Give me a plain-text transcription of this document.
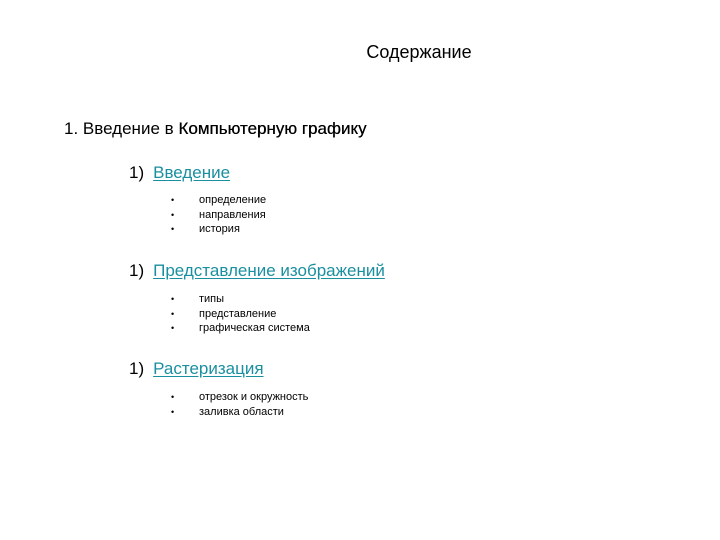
Содержание
1. Введение в Компьютерную графику
1) Введение
• определение
• направления
• история
1) Представление изображений
• типы
• представление
• графическая система
1) Растеризация
• отрезок и окружность
• заливка области
